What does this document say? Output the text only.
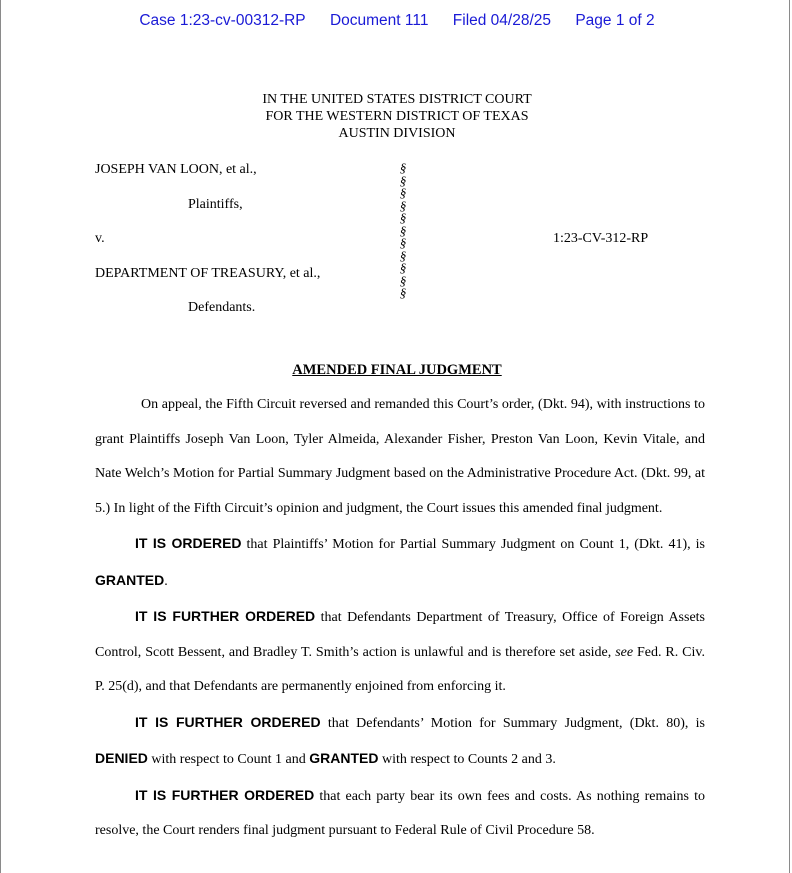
Case 1:23-cv-00312-RP Document 111 Filed 04/28/25 Page 1 of 2
IN THE UNITED STATES DISTRICT COURT
FOR THE WESTERN DISTRICT OF TEXAS
AUSTIN DIVISION
JOSEPH VAN LOON, et al.,
Plaintiffs,
v.
DEPARTMENT OF TREASURY, et al.,
Defendants.
1:23-CV-312-RP
§
§
§
§
§
§
§
§
§
§
§
AMENDED FINAL JUDGMENT

On appeal, the Fifth Circuit reversed and remanded this Court’s order, (Dkt. 94), with instructions to grant Plaintiffs Joseph Van Loon, Tyler Almeida, Alexander Fisher, Preston Van Loon, Kevin Vitale, and Nate Welch’s Motion for Partial Summary Judgment based on the Administrative Procedure Act. (Dkt. 99, at 5.) In light of the Fifth Circuit’s opinion and judgment, the Court issues this amended final judgment.

IT IS ORDERED that Plaintiffs’ Motion for Partial Summary Judgment on Count 1, (Dkt. 41), is GRANTED.

IT IS FURTHER ORDERED that Defendants Department of Treasury, Office of Foreign Assets Control, Scott Bessent, and Bradley T. Smith’s action is unlawful and is therefore set aside, see Fed. R. Civ. P. 25(d), and that Defendants are permanently enjoined from enforcing it.

IT IS FURTHER ORDERED that Defendants’ Motion for Summary Judgment, (Dkt. 80), is DENIED with respect to Count 1 and GRANTED with respect to Counts 2 and 3.

IT IS FURTHER ORDERED that each party bear its own fees and costs. As nothing remains to resolve, the Court renders final judgment pursuant to Federal Rule of Civil Procedure 58.
